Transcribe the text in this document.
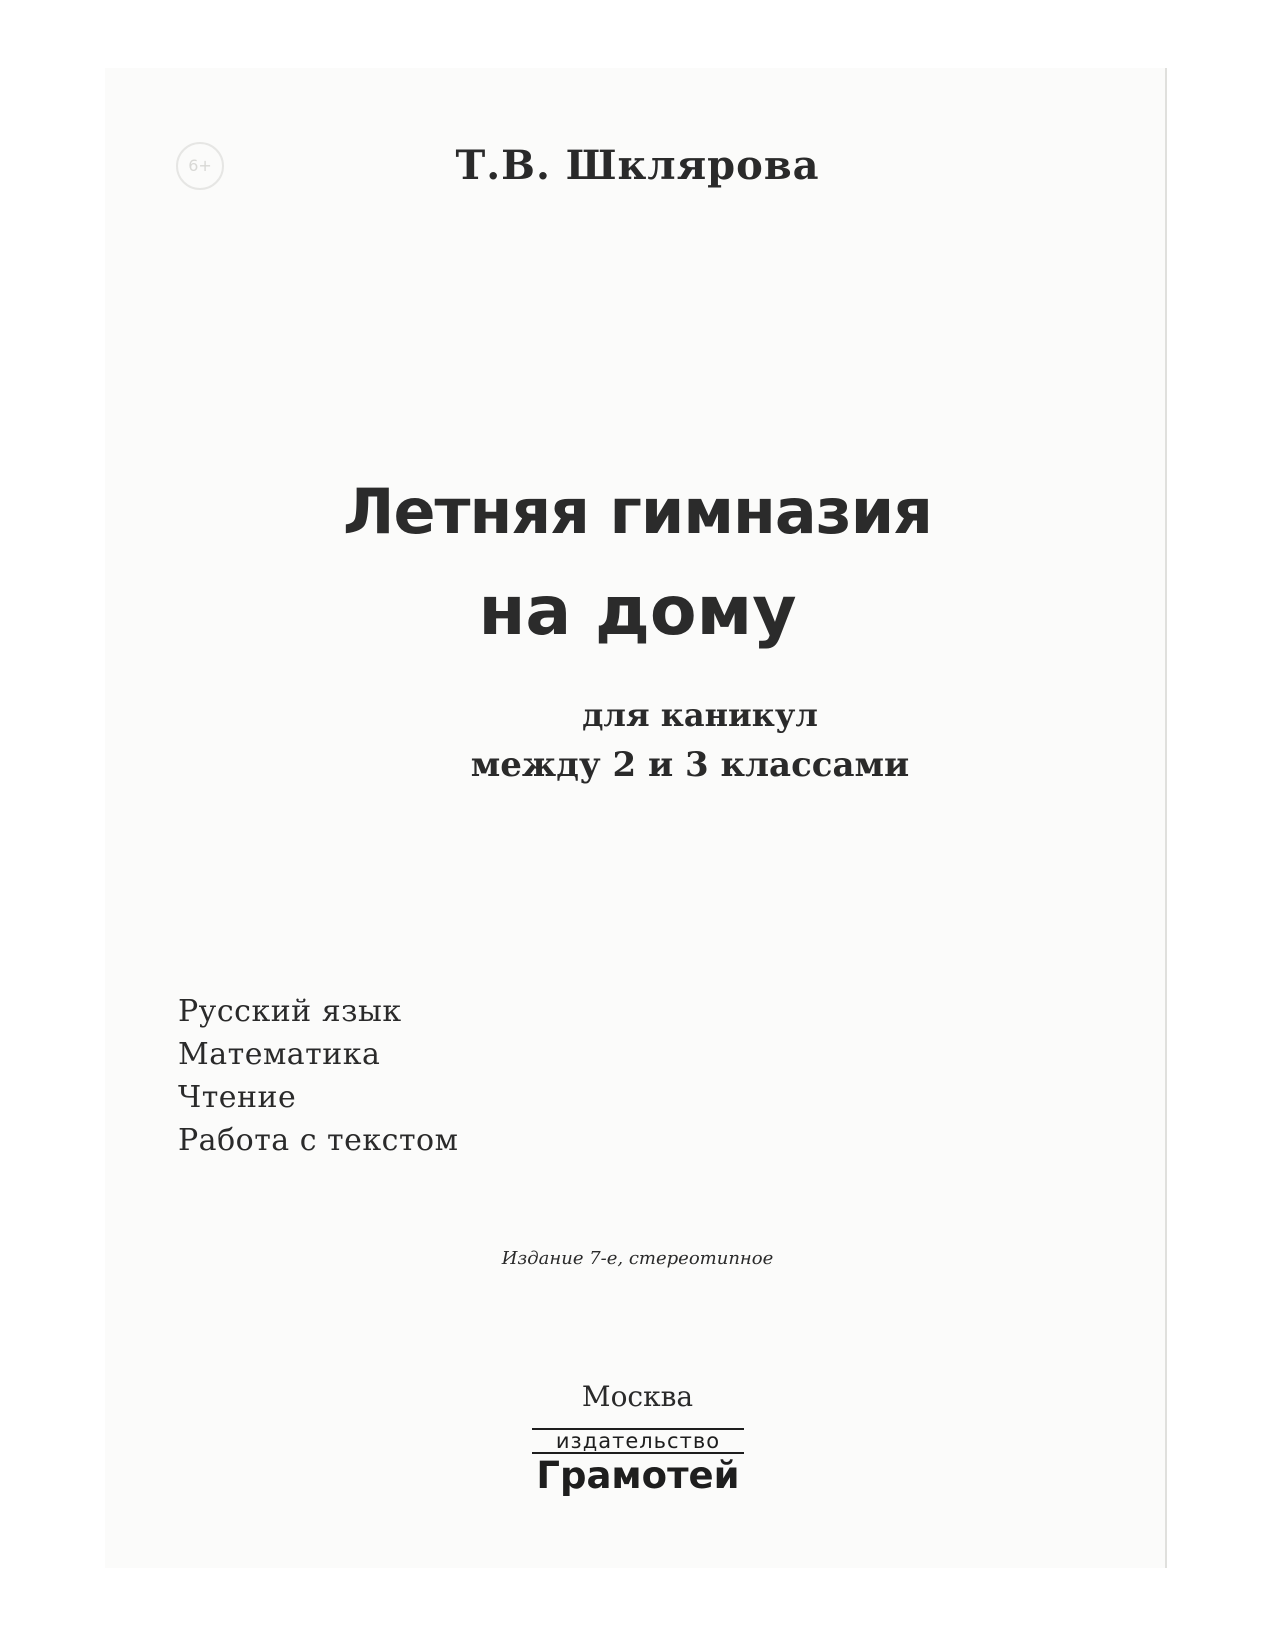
6+	Т.В. Шклярова
Летняя гимназия
на дому
для каникул
между 2 и 3 классами
Русский язык
Математика
Чтение
Работа с текстом
Издание 7-е, стереотипное
Москва
издательство
Грамотей
